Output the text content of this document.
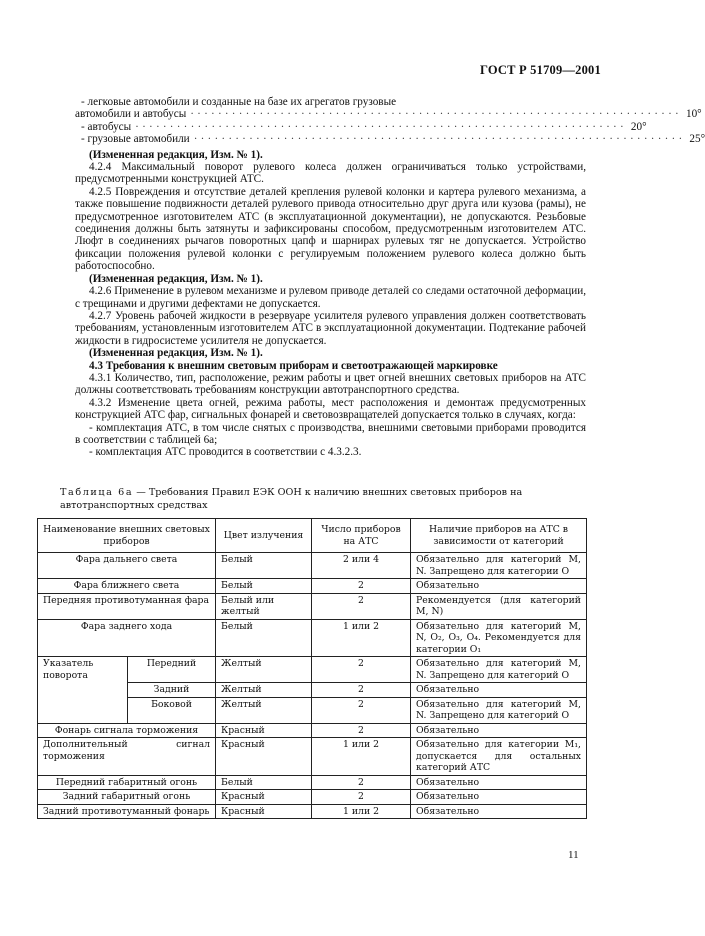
ГОСТ Р 51709—2001
- легковые автомобили и созданные на базе их агрегатов грузовые
автомобили и автобусы ······································································· 10°
- автобусы ······································································· 20°
- грузовые автомобили ······································································· 25°

(Измененная редакция, Изм. № 1).

4.2.4 Максимальный поворот рулевого колеса должен ограничиваться только устройствами, предусмотренными конструкцией АТС.

4.2.5 Повреждения и отсутствие деталей крепления рулевой колонки и картера рулевого механизма, а также повышение подвижности деталей рулевого привода относительно друг друга или кузова (рамы), не предусмотренное изготовителем АТС (в эксплуатационной документации), не допускаются. Резьбовые соединения должны быть затянуты и зафиксированы способом, предусмотренным изготовителем АТС. Люфт в соединениях рычагов поворотных цапф и шарнирах рулевых тяг не допускается. Устройство фиксации положения рулевой колонки с регулируемым положением рулевого колеса должно быть работоспособно.

(Измененная редакция, Изм. № 1).

4.2.6 Применение в рулевом механизме и рулевом приводе деталей со следами остаточной деформации, с трещинами и другими дефектами не допускается.

4.2.7 Уровень рабочей жидкости в резервуаре усилителя рулевого управления должен соответствовать требованиям, установленным изготовителем АТС в эксплуатационной документации. Подтекание рабочей жидкости в гидросистеме усилителя не допускается.

(Измененная редакция, Изм. № 1).

4.3 Требования к внешним световым приборам и светоотражающей маркировке

4.3.1 Количество, тип, расположение, режим работы и цвет огней внешних световых приборов на АТС должны соответствовать требованиям конструкции автотранспортного средства.

4.3.2 Изменение цвета огней, режима работы, мест расположения и демонтаж предусмотренных конструкцией АТС фар, сигнальных фонарей и световозвращателей допускается только в случаях, когда:

- комплектация АТС, в том числе снятых с производства, внешними световыми приборами проводится в соответствии с таблицей 6а;

- комплектация АТС проводится в соответствии с 4.3.2.3.

Таблица 6а — Требования Правил ЕЭК ООН к наличию внешних световых приборов на автотранспортных средствах
Наименование внешних световых приборов		Цвет излучения	Число приборов на АТС	Наличие приборов на АТС в зависимости от категорий
Фара дальнего света		Белый	2 или 4	Обязательно для категорий М, N. Запрещено для категории О
Фара ближнего света		Белый	2	Обязательно
Передняя противотуманная фара		Белый или желтый	2	Рекомендуется (для категорий М, N)
Фара заднего хода		Белый	1 или 2	Обязательно для категорий М, N, О₂, О₃, О₄. Рекомендуется для категории О₁
Указатель поворота	Передний	Желтый	2	Обязательно для категорий М, N. Запрещено для категорий О
	Задний	Желтый	2	Обязательно
	Боковой	Желтый	2	Обязательно для категорий М, N. Запрещено для категорий О
Фонарь сигнала торможения		Красный	2	Обязательно
Дополнительный сигнал торможения		Красный	1 или 2	Обязательно для категории М₁, допускается для остальных категорий АТС
Передний габаритный огонь		Белый	2	Обязательно
Задний габаритный огонь		Красный	2	Обязательно
Задний противотуманный фонарь		Красный	1 или 2	Обязательно
11
